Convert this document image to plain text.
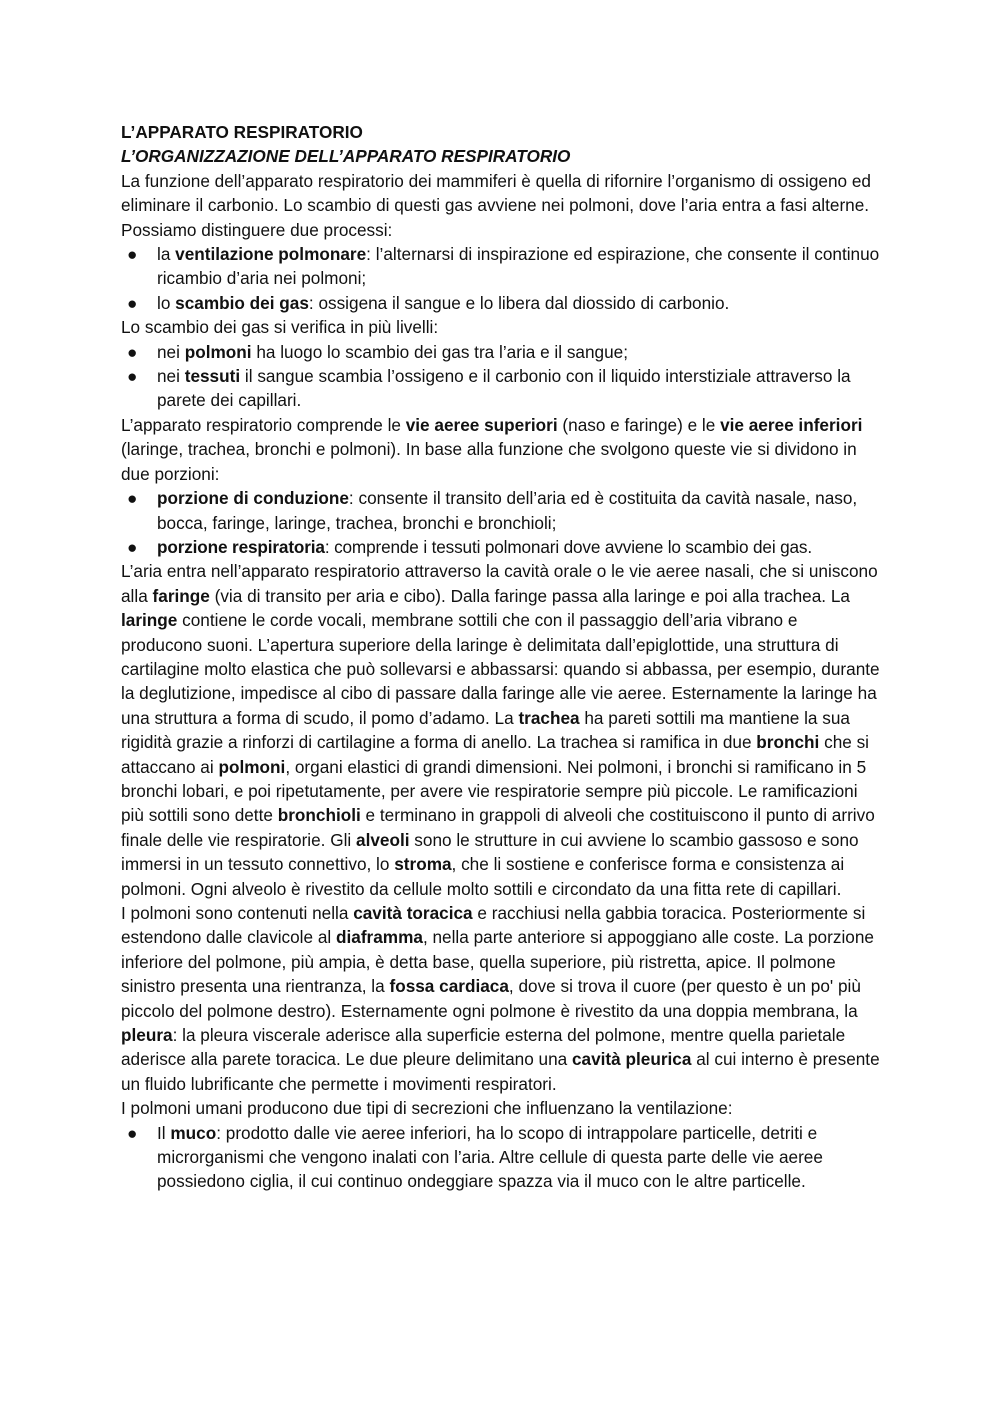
L’APPARATO RESPIRATORIO

L’ORGANIZZAZIONE DELL’APPARATO RESPIRATORIO

La funzione dell’apparato respiratorio dei mammiferi è quella di rifornire l’organismo di ossigeno ed eliminare il carbonio. Lo scambio di questi gas avviene nei polmoni, dove l’aria entra a fasi alterne. Possiamo distinguere due processi:

● la ventilazione polmonare: l’alternarsi di inspirazione ed espirazione, che consente il continuo ricambio d’aria nei polmoni;
● lo scambio dei gas: ossigena il sangue e lo libera dal diossido di carbonio.

Lo scambio dei gas si verifica in più livelli:

● nei polmoni ha luogo lo scambio dei gas tra l’aria e il sangue;
● nei tessuti il sangue scambia l’ossigeno e il carbonio con il liquido interstiziale attraverso la parete dei capillari.

L’apparato respiratorio comprende le vie aeree superiori (naso e faringe) e le vie aeree inferiori (laringe, trachea, bronchi e polmoni). In base alla funzione che svolgono queste vie si dividono in due porzioni:

● porzione di conduzione: consente il transito dell’aria ed è costituita da cavità nasale, naso, bocca, faringe, laringe, trachea, bronchi e bronchioli;
● porzione respiratoria: comprende i tessuti polmonari dove avviene lo scambio dei gas.

L’aria entra nell’apparato respiratorio attraverso la cavità orale o le vie aeree nasali, che si uniscono alla faringe (via di transito per aria e cibo). Dalla faringe passa alla laringe e poi alla trachea. La laringe contiene le corde vocali, membrane sottili che con il passaggio dell’aria vibrano e producono suoni. L’apertura superiore della laringe è delimitata dall’epiglottide, una struttura di cartilagine molto elastica che può sollevarsi e abbassarsi: quando si abbassa, per esempio, durante la deglutizione, impedisce al cibo di passare dalla faringe alle vie aeree. Esternamente la laringe ha una struttura a forma di scudo, il pomo d’adamo. La trachea ha pareti sottili ma mantiene la sua rigidità grazie a rinforzi di cartilagine a forma di anello. La trachea si ramifica in due bronchi che si attaccano ai polmoni, organi elastici di grandi dimensioni. Nei polmoni, i bronchi si ramificano in 5 bronchi lobari, e poi ripetutamente, per avere vie respiratorie sempre più piccole. Le ramificazioni più sottili sono dette bronchioli e terminano in grappoli di alveoli che costituiscono il punto di arrivo finale delle vie respiratorie. Gli alveoli sono le strutture in cui avviene lo scambio gassoso e sono immersi in un tessuto connettivo, lo stroma, che li sostiene e conferisce forma e consistenza ai polmoni. Ogni alveolo è rivestito da cellule molto sottili e circondato da una fitta rete di capillari.

I polmoni sono contenuti nella cavità toracica e racchiusi nella gabbia toracica. Posteriormente si estendono dalle clavicole al diaframma, nella parte anteriore si appoggiano alle coste. La porzione inferiore del polmone, più ampia, è detta base, quella superiore, più ristretta, apice. Il polmone sinistro presenta una rientranza, la fossa cardiaca, dove si trova il cuore (per questo è un po' più piccolo del polmone destro). Esternamente ogni polmone è rivestito da una doppia membrana, la pleura: la pleura viscerale aderisce alla superficie esterna del polmone, mentre quella parietale aderisce alla parete toracica. Le due pleure delimitano una cavità pleurica al cui interno è presente un fluido lubrificante che permette i movimenti respiratori.

I polmoni umani producono due tipi di secrezioni che influenzano la ventilazione:

● Il muco: prodotto dalle vie aeree inferiori, ha lo scopo di intrappolare particelle, detriti e microrganismi che vengono inalati con l’aria. Altre cellule di questa parte delle vie aeree possiedono ciglia, il cui continuo ondeggiare spazza via il muco con le altre particelle.
